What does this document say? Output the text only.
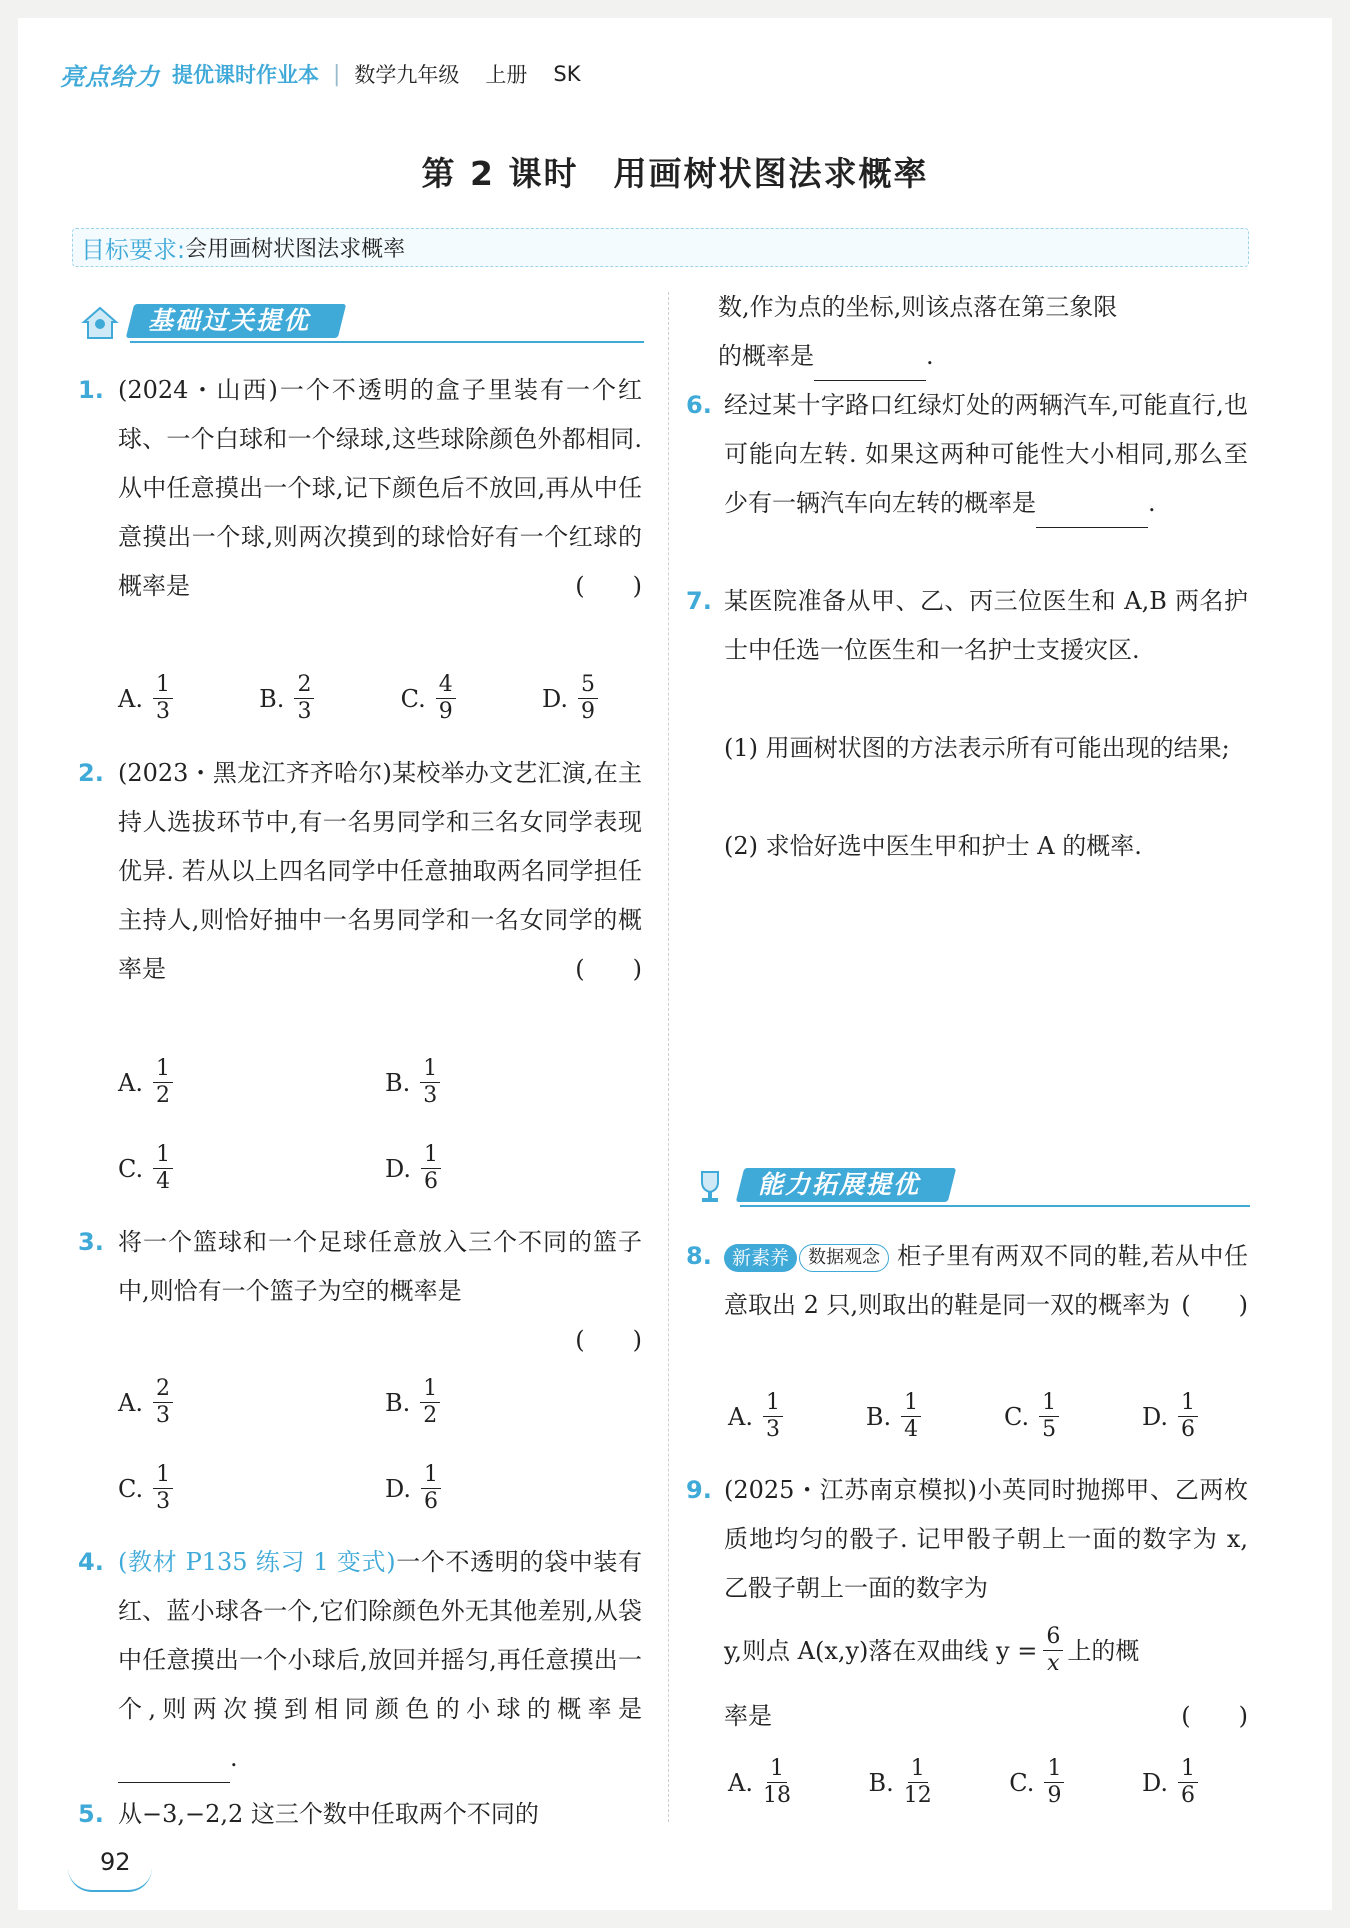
亮点给力 提优课时作业本 | 数学九年级 上册 SK
第 2 课时　用画树状图法求概率
目标要求: 会用画树状图法求概率
基础过关提优
1. (2024・山西)一个不透明的盒子里装有一个红球、一个白球和一个绿球,这些球除颜色外都相同. 从中任意摸出一个球,记下颜色后不放回,再从中任意摸出一个球,则两次摸到的球恰好有一个红球的概率是	(　　)
A. $\frac{1}{3}$	B. $\frac{2}{3}$	C. $\frac{4}{9}$	D. $\frac{5}{9}$
2. (2023・黑龙江齐齐哈尔)某校举办文艺汇演,在主持人选拔环节中,有一名男同学和三名女同学表现优异. 若从以上四名同学中任意抽取两名同学担任主持人,则恰好抽中一名男同学和一名女同学的概率是	(　　)
A. $\frac{1}{2}$	B. $\frac{1}{3}$
C. $\frac{1}{4}$	D. $\frac{1}{6}$
3. 将一个篮球和一个足球任意放入三个不同的篮子中,则恰有一个篮子为空的概率是
(　　)
A. $\frac{2}{3}$	B. $\frac{1}{2}$
C. $\frac{1}{3}$	D. $\frac{1}{6}$
4. (教材 P135 练习 1 变式)一个不透明的袋中装有红、蓝小球各一个,它们除颜色外无其他差别,从袋中任意摸出一个小球后,放回并摇匀,再任意摸出一个,则两次摸到相同颜色的小球的概率是.
5. 从−3,−2,2 这三个数中任取两个不同的
数,作为点的坐标,则该点落在第三象限
的概率是	.
6. 经过某十字路口红绿灯处的两辆汽车,可能直行,也可能向左转. 如果这两种可能性大小相同,那么至少有一辆汽车向左转的概率是	.
7. 某医院准备从甲、乙、丙三位医生和 A,B 两名护士中任选一位医生和一名护士支援灾区.
(1) 用画树状图的方法表示所有可能出现的结果;
(2) 求恰好选中医生甲和护士 A 的概率.
能力拓展提优
8.	新素养 数据观念 柜子里有两双不同的鞋,若从中任意取出 2 只,则取出的鞋是同一双的概率为 (　　)
A. $\frac{1}{3}$	B. $\frac{1}{4}$	C. $\frac{1}{5}$	D. $\frac{1}{6}$
9. (2025・江苏南京模拟)小英同时抛掷甲、乙两枚质地均匀的骰子. 记甲骰子朝上一面的数字为 x,乙骰子朝上一面的数字为
y,则点 A(x,y)落在双曲线 $y = \frac{6}{x}$ 上的概
率是	(　　)
A. $\frac{1}{18}$	B. $\frac{1}{12}$	C. $\frac{1}{9}$	D. $\frac{1}{6}$
92
